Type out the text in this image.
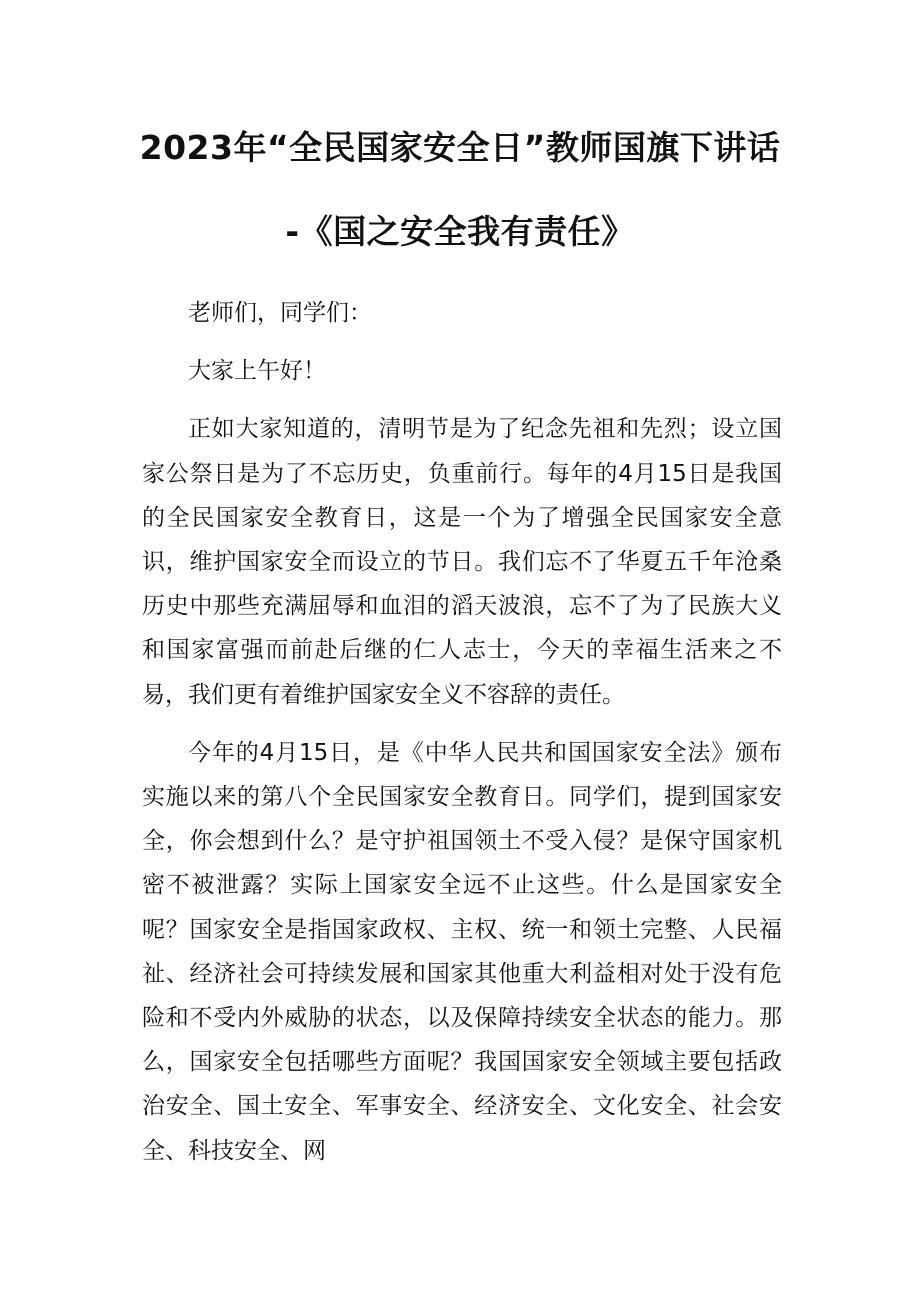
2023年“全民国家安全日”教师国旗下讲话
-《国之安全我有责任》

老师们，同学们：

大家上午好！

正如大家知道的，清明节是为了纪念先祖和先烈；设立国家公祭日是为了不忘历史，负重前行。每年的4月15日是我国的全民国家安全教育日，这是一个为了增强全民国家安全意识，维护国家安全而设立的节日。我们忘不了华夏五千年沧桑历史中那些充满屈辱和血泪的滔天波浪，忘不了为了民族大义和国家富强而前赴后继的仁人志士，今天的幸福生活来之不易，我们更有着维护国家安全义不容辞的责任。

今年的4月15日，是《中华人民共和国国家安全法》颁布实施以来的第八个全民国家安全教育日。同学们，提到国家安全，你会想到什么？是守护祖国领土不受入侵？是保守国家机密不被泄露？实际上国家安全远不止这些。什么是国家安全呢？国家安全是指国家政权、主权、统一和领土完整、人民福祉、经济社会可持续发展和国家其他重大利益相对处于没有危险和不受内外威胁的状态，以及保障持续安全状态的能力。那么，国家安全包括哪些方面呢？我国国家安全领域主要包括政治安全、国土安全、军事安全、经济安全、文化安全、社会安全、科技安全、网
